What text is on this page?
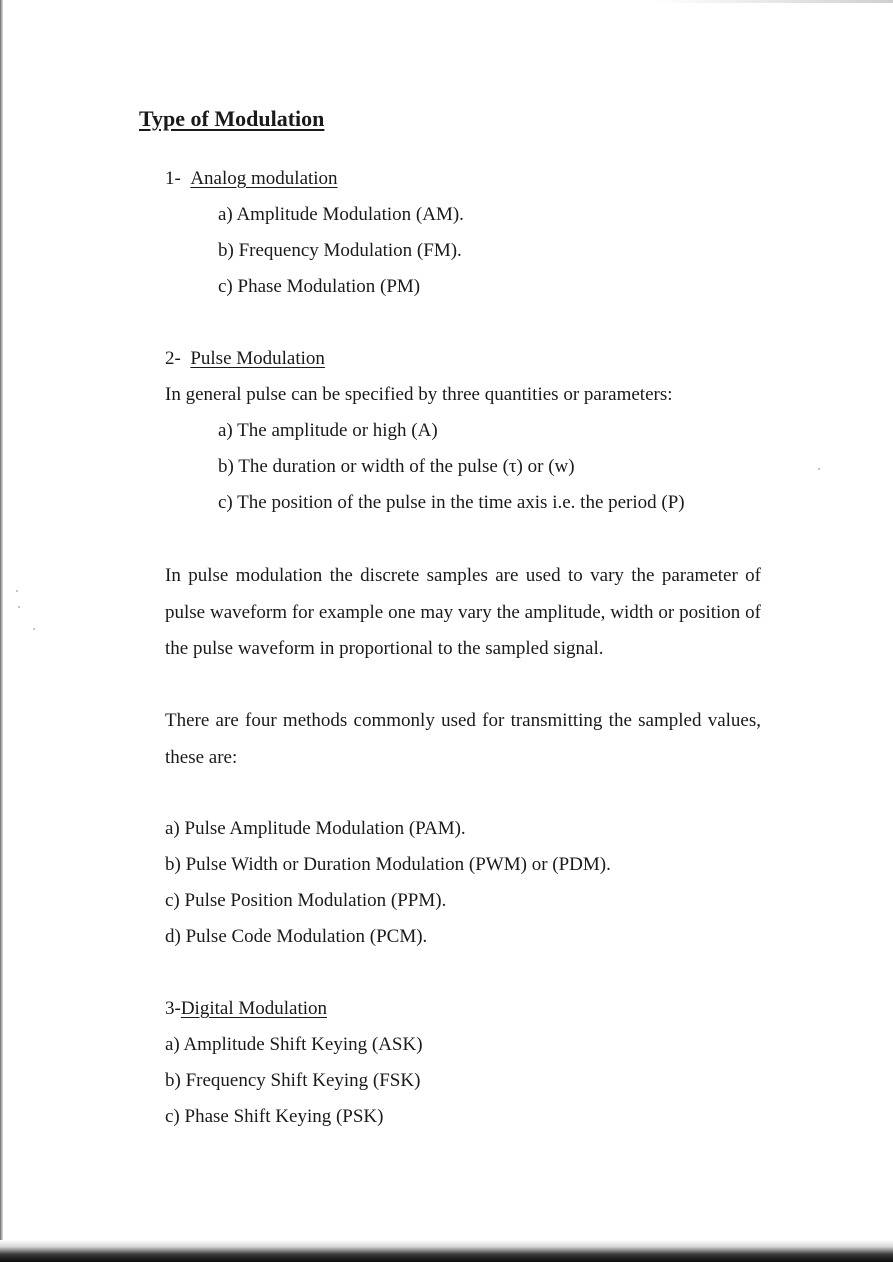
Type of Modulation
1- Analog modulation
a) Amplitude Modulation (AM).
b) Frequency Modulation (FM).
c) Phase Modulation (PM)
2- Pulse Modulation
In general pulse can be specified by three quantities or parameters:
a) The amplitude or high (A)
b) The duration or width of the pulse (τ) or (w)
c) The position of the pulse in the time axis i.e. the period (P)
In pulse modulation the discrete samples are used to vary the parameter of pulse waveform for example one may vary the amplitude, width or position of the pulse waveform in proportional to the sampled signal.
There are four methods commonly used for transmitting the sampled values, these are:
a) Pulse Amplitude Modulation (PAM).
b) Pulse Width or Duration Modulation (PWM) or (PDM).
c) Pulse Position Modulation (PPM).
d) Pulse Code Modulation (PCM).
3-Digital Modulation
a) Amplitude Shift Keying (ASK)
b) Frequency Shift Keying (FSK)
c) Phase Shift Keying (PSK)
